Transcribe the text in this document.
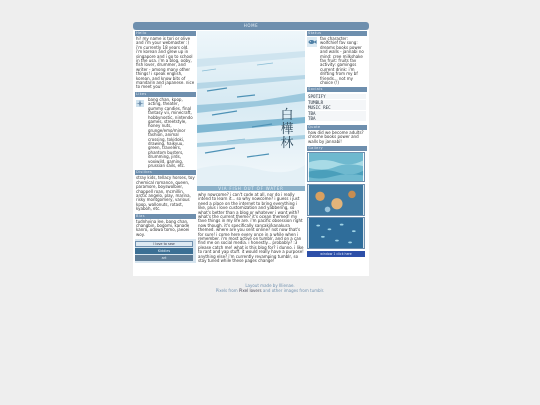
HOME
Hello
hi! my name is tori or olive and i'm your webmaster :) i'm currently 18 years old. i'm korean and grew up in singapore and i go to school in the usa. i'm a blog, ooby, fish lover, drummer, and writer - among many other things! i speak english, korean, and know bits of mandarin and japanese. nice to meet you!
Likes
bang chan, kpop, acting, theater, gummy candies, final fantasy vii, minecraft, hobbynostic, nintendo games, streetstyle, honey nuts, grunge/emo/minor fashion, animal crossing, tokidoki, drawing, haikyuu, green, travelers, phantom busters, drumming, jirds, voxiwild, gaming, prussian sails, etc.
Dislikes
stray kids, tellacy horses, toy chemical romance, queen, paramore, boyswolbier, chappell roan, mcmillin, arctic angelo, play, marina, risky montgomery, various kpop, wallonuts, rotast, kyaboh, etc.
Bias
tudnhvina lee, bang chan, changbin, bogomi, kanade kanro, udowa tomo, jaeoei woy.
I love to sew
Kiddies
art
白
樺
林
VIA FISH OUT OF WATER
why nowcome? i can't code at all, nor do i really intend to learn it... so why nowcome? i guess i just need a place on the internet to bring everything i like, plus i love customization and yabbering, so what's better than a blog or whatever i want with? what's the current theme? it's ocean themed! my fave things in my life are. i'm pacific obsession right now though. it's specifically sancaki/kanakura themed. where are you sent online? not now that's for sure! i come here every once in a while when i remember. i'm most active on tumblr, and on a can find me on social media. i honestly... probably? :3 please catch me! what is this blog for? i dunno. i like to rant and yap stuff. it would really have a purpose! anything else? i'm currently revamping tumblr, so stay tuned while these pages change!
Status
fav character: wolfchief fav song: dreams books power and walls - jannabi no mind: cree milkshake fav fruit: fruits fav activity: gamingss current drink: i'm drifting from my bf friends... not my choice (!)
Socials
SPOTIFY
TUMBLR
MUSIC REC
TBA
TBA
Quote
how did we become adults? chrome books power and walls by jannabi!
Gallery
window 1 click here
Layout made by Illienae.
Pixels from Pixel lovers and other images from tumblr.
